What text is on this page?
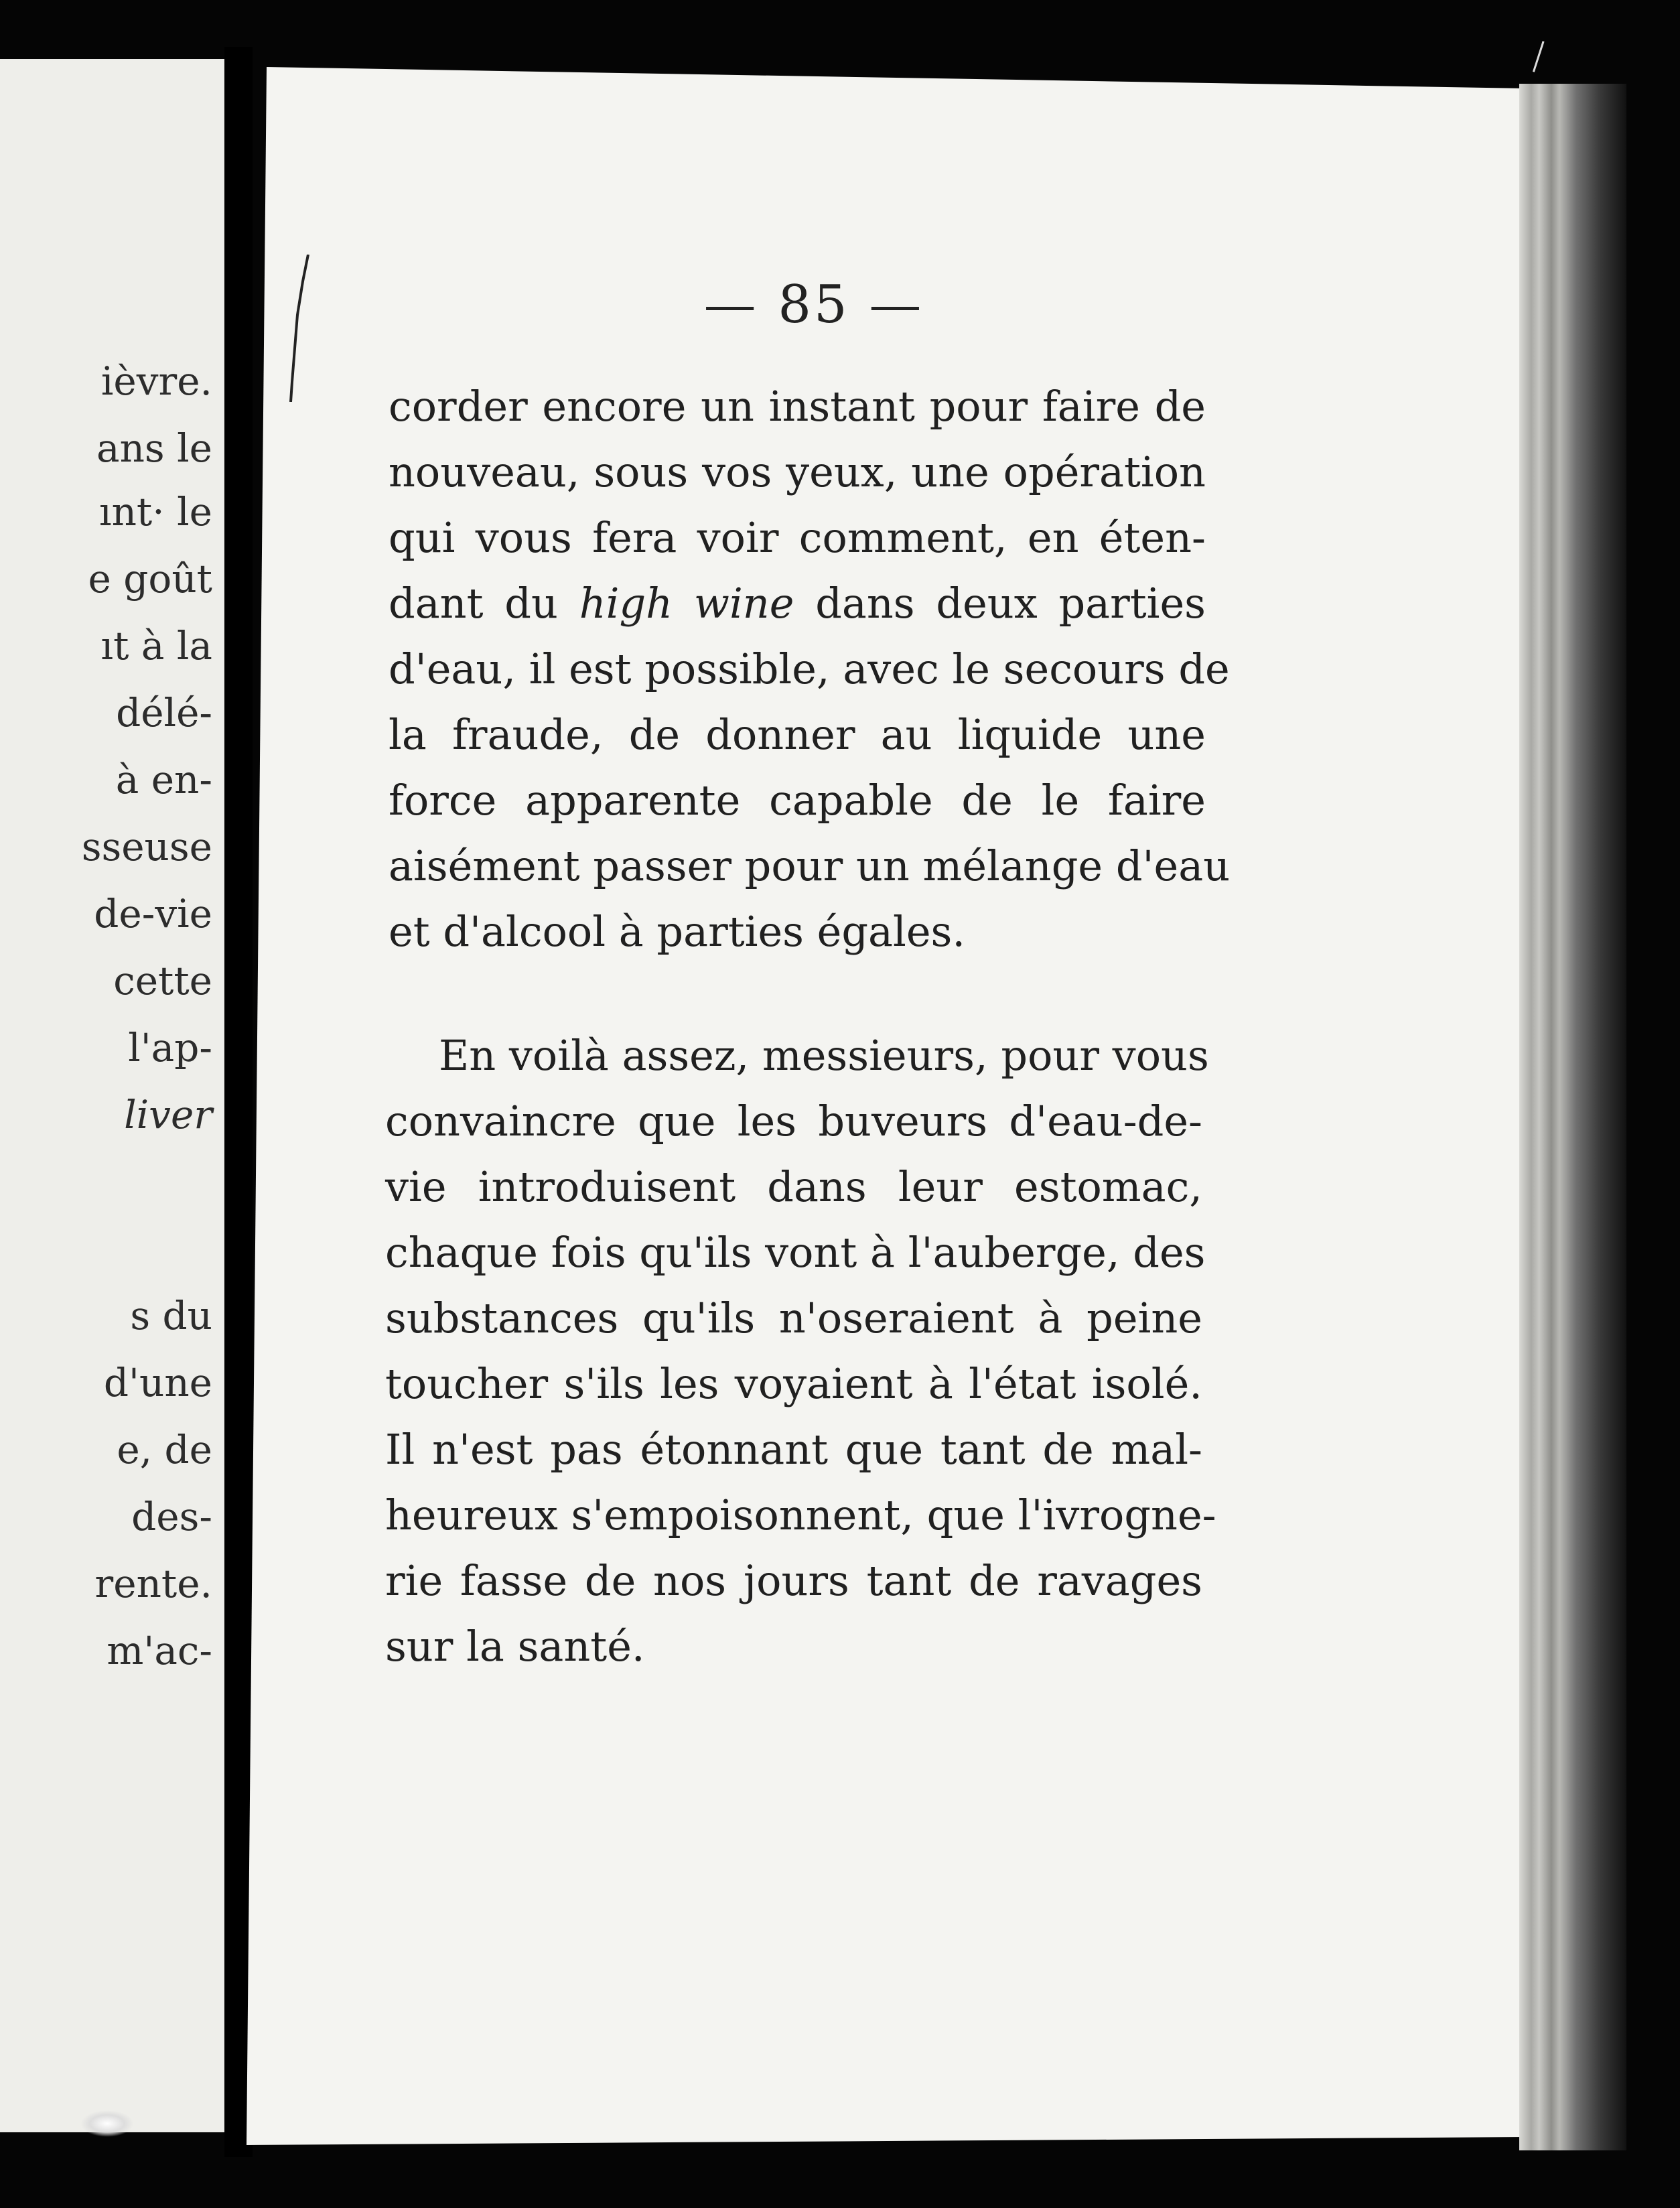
ièvre.
ans le
ınt· le
e goût
ıt à la
délé-
à en-
sseuse
de-vie
cette
l'ap-
liver
s du
d'une
e, de
des-
rente.
m'ac-
— 85 —
corder encore un instant pour faire de
nouveau, sous vos yeux, une opération
qui vous fera voir comment, en éten-
dant du high wine dans deux parties
d'eau, il est possible, avec le secours de
la fraude, de donner au liquide une
force apparente capable de le faire
aisément passer pour un mélange d'eau
et d'alcool à parties égales.
En voilà assez, messieurs, pour vous
convaincre que les buveurs d'eau-de-
vie introduisent dans leur estomac,
chaque fois qu'ils vont à l'auberge, des
substances qu'ils n'oseraient à peine
toucher s'ils les voyaient à l'état isolé.
Il n'est pas étonnant que tant de mal-
heureux s'empoisonnent, que l'ivrogne-
rie fasse de nos jours tant de ravages
sur la santé.
